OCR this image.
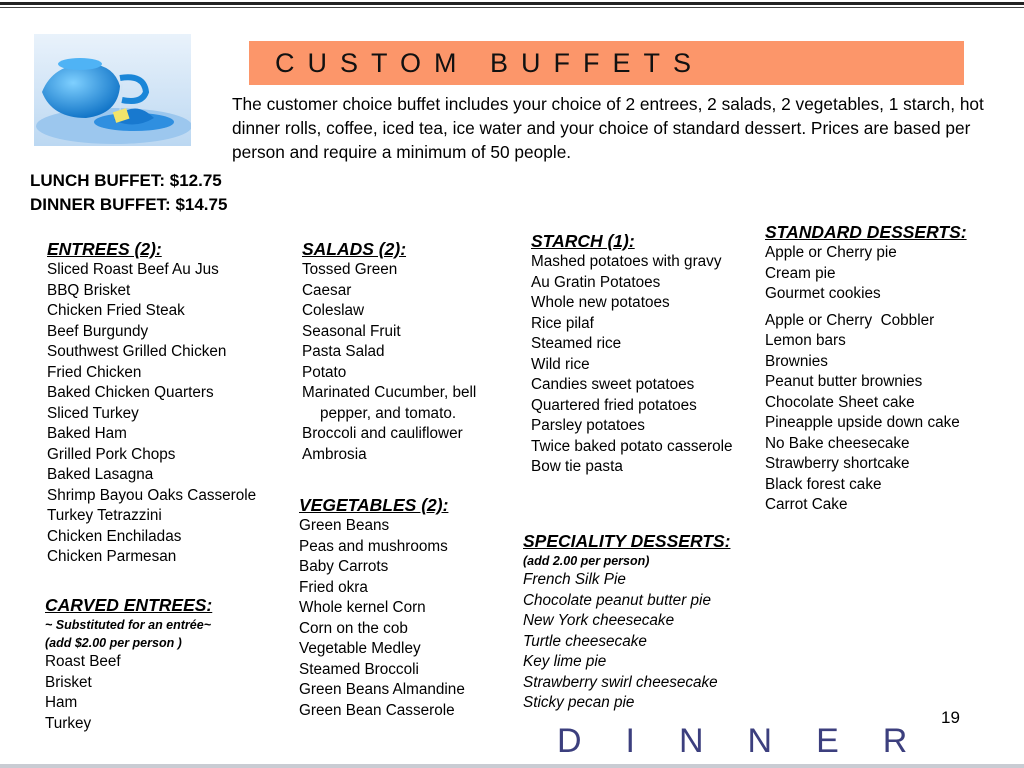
CUSTOM BUFFETS
The customer choice buffet includes your choice of 2 entrees, 2 salads, 2 vegetables, 1 starch, hot dinner rolls, coffee, iced tea, ice water and your choice of standard dessert. Prices are based per person and require a minimum of 50 people.
LUNCH BUFFET: $12.75
DINNER BUFFET: $14.75
ENTREES (2):
Sliced Roast Beef Au Jus
BBQ Brisket
Chicken Fried Steak
Beef Burgundy
Southwest Grilled Chicken
Fried Chicken
Baked Chicken Quarters
Sliced Turkey
Baked Ham
Grilled Pork Chops
Baked Lasagna
Shrimp Bayou Oaks Casserole
Turkey Tetrazzini
Chicken Enchiladas
Chicken Parmesan
CARVED ENTREES:
~ Substituted for an entrée~
(add $2.00 per person )
Roast Beef
Brisket
Ham
Turkey
SALADS (2):
Tossed Green
Caesar
Coleslaw
Seasonal Fruit
Pasta Salad
Potato
Marinated Cucumber, bell
pepper, and tomato.
Broccoli and cauliflower
Ambrosia
VEGETABLES (2):
Green Beans
Peas and mushrooms
Baby Carrots
Fried okra
Whole kernel Corn
Corn on the cob
Vegetable Medley
Steamed Broccoli
Green Beans Almandine
Green Bean Casserole
STARCH (1):
Mashed potatoes with gravy
Au Gratin Potatoes
Whole new potatoes
Rice pilaf
Steamed rice
Wild rice
Candies sweet potatoes
Quartered fried potatoes
Parsley potatoes
Twice baked potato casserole
Bow tie pasta
SPECIALITY DESSERTS:
(add 2.00 per person)
French Silk Pie
Chocolate peanut butter pie
New York cheesecake
Turtle cheesecake
Key lime pie
Strawberry swirl cheesecake
Sticky pecan pie
STANDARD DESSERTS:
Apple or Cherry pie
Cream pie
Gourmet cookies
Apple or Cherry  Cobbler
Lemon bars
Brownies
Peanut butter brownies
Chocolate Sheet cake
Pineapple upside down cake
No Bake cheesecake
Strawberry shortcake
Black forest cake
Carrot Cake
19
DINNER
